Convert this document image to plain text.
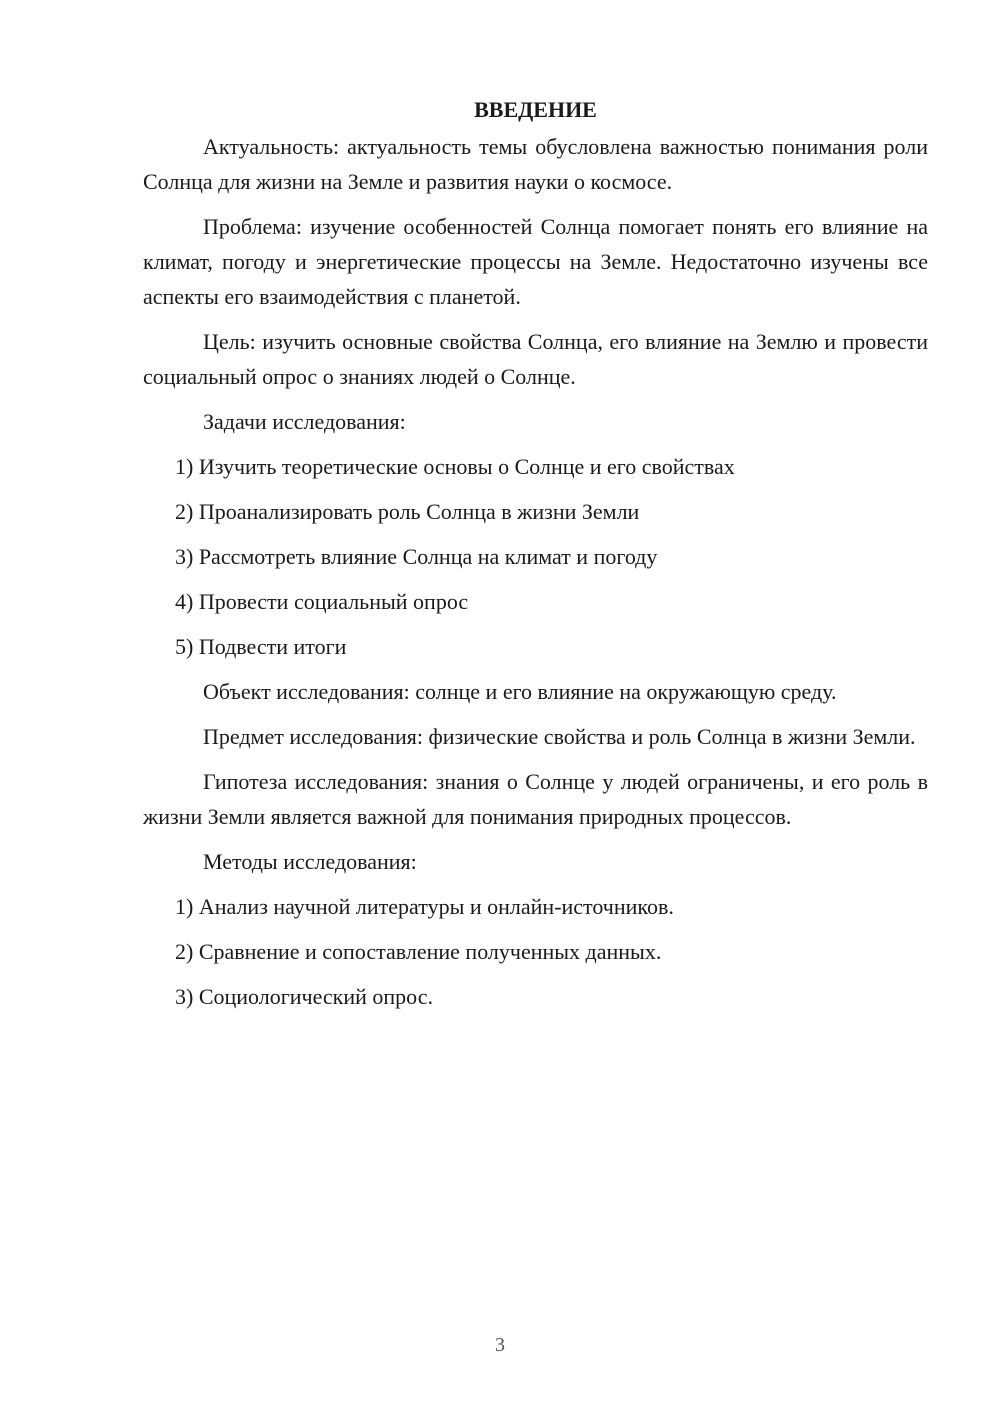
ВВЕДЕНИЕ

Актуальность: актуальность темы обусловлена важностью понимания роли Солнца для жизни на Земле и развития науки о космосе.

Проблема: изучение особенностей Солнца помогает понять его влияние на климат, погоду и энергетические процессы на Земле. Недостаточно изучены все аспекты его взаимодействия с планетой.

Цель: изучить основные свойства Солнца, его влияние на Землю и провести социальный опрос о знаниях людей о Солнце.

Задачи исследования:
1) Изучить теоретические основы о Солнце и его свойствах
2) Проанализировать роль Солнца в жизни Земли
3) Рассмотреть влияние Солнца на климат и погоду
4) Провести социальный опрос
5) Подвести итоги

Объект исследования: солнце и его влияние на окружающую среду.

Предмет исследования: физические свойства и роль Солнца в жизни Земли.

Гипотеза исследования: знания о Солнце у людей ограничены, и его роль в жизни Земли является важной для понимания природных процессов.

Методы исследования:
1) Анализ научной литературы и онлайн-источников.
2) Сравнение и сопоставление полученных данных.
3) Социологический опрос.
3
